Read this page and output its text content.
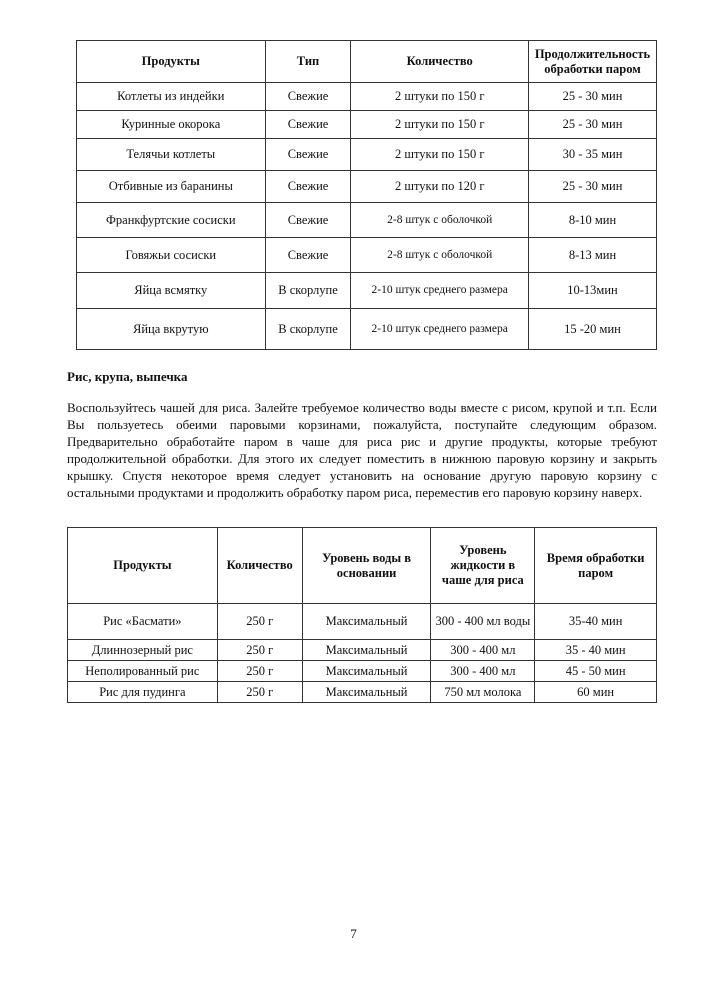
Продукты	Тип	Количество	Продолжительность обработки паром
Котлеты из индейки	Свежие	2 штуки по 150 г	25 - 30 мин
Куринные окорока	Свежие	2 штуки по 150 г	25 - 30 мин
Телячьи котлеты	Свежие	2 штуки по 150 г	30 - 35 мин
Отбивные из баранины	Свежие	2 штуки по 120 г	25 - 30 мин
Франкфуртские сосиски	Свежие	2-8 штук с оболочкой	8-10 мин
Говяжьи сосиски	Свежие	2-8 штук с оболочкой	8-13 мин
Яйца всмятку	В скорлупе	2-10 штук среднего размера	10-13мин
Яйца вкрутую	В скорлупе	2-10 штук среднего размера	15 -20 мин
Рис, крупа, выпечка

Воспользуйтесь чашей для риса. Залейте требуемое количество воды вместе с рисом, крупой и т.п. Если Вы пользуетесь обеими паровыми корзинами, пожалуйста, поступайте следующим образом. Предварительно обработайте паром в чаше для риса рис и другие продукты, которые требуют продолжительной обработки. Для этого их следует поместить в нижнюю паровую корзину и закрыть крышку. Спустя некоторое время следует установить на основание другую паровую корзину с остальными продуктами и продолжить обработку паром риса, переместив его паровую корзину наверх.

Продукты	Количество	Уровень воды в основании	Уровень жидкости в чаше для риса	Время обработки паром
Рис «Басмати»	250 г	Максимальный	300 - 400 мл воды	35-40 мин
Длиннозерный рис	250 г	Максимальный	300 - 400 мл	35 - 40 мин
Неполированный рис	250 г	Максимальный	300 - 400 мл	45 - 50 мин
Рис для пудинга	250 г	Максимальный	750 мл молока	60 мин

7
